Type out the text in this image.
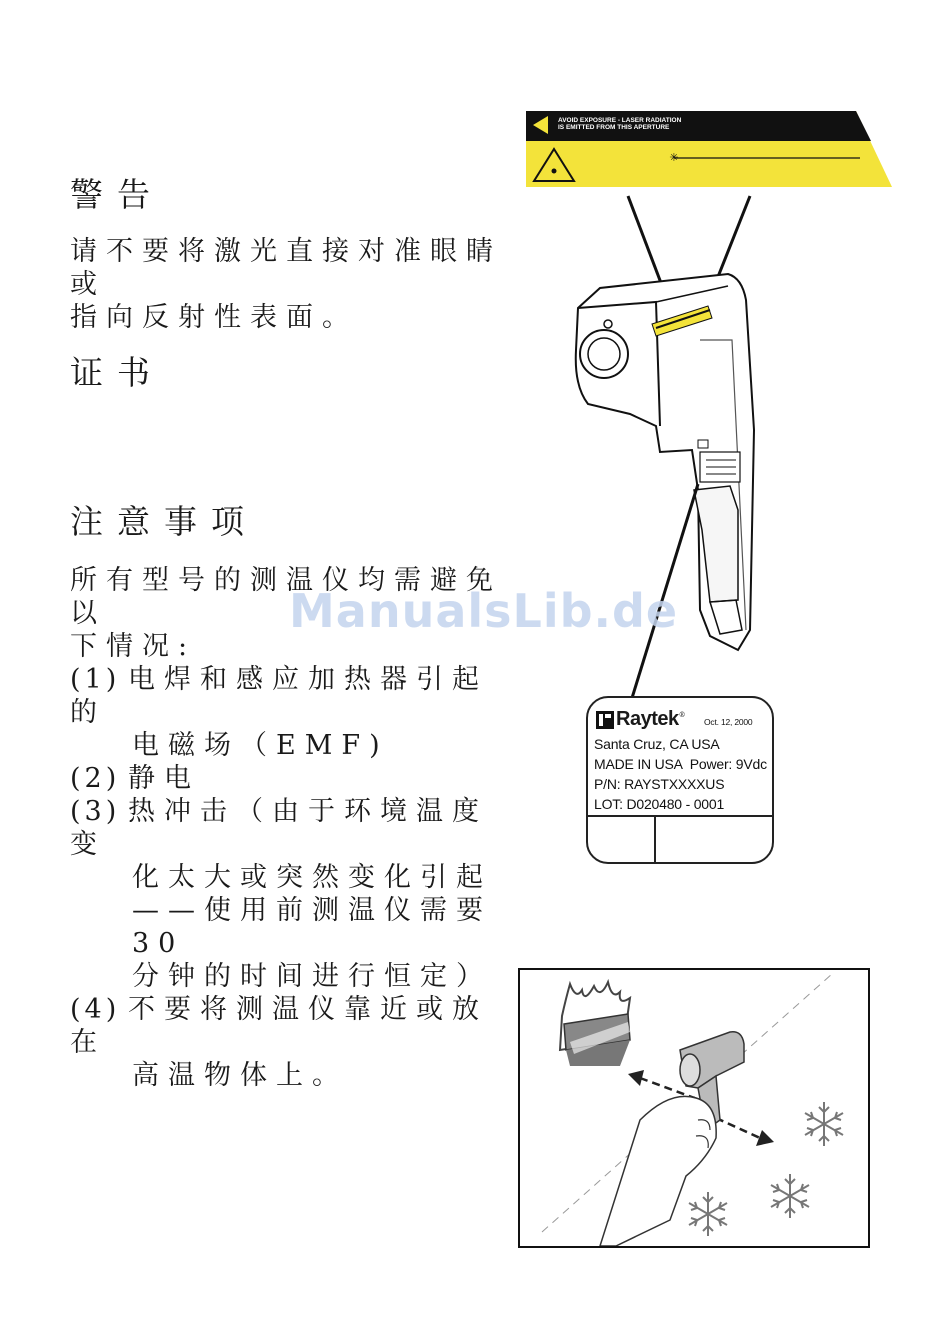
警告
请不要将激光直接对准眼睛或
指向反射性表面。
证书
注意事项
所有型号的测温仪均需避免以
下情况:
(1) 电焊和感应加热器引起的
电磁场（EMF)
(2) 静电
(3) 热冲击（由于环境温度变
化太大或突然变化引起
——使用前测温仪需要30
分钟的时间进行恒定）
(4) 不要将测温仪靠近或放在
高温物体上。
✳
AVOID EXPOSURE - LASER RADIATION
IS EMITTED FROM THIS APERTURE
ManualsLib.de
Raytek ®
Oct. 12, 2000
Santa Cruz, CA USA
MADE IN USA Power: 9Vdc
P/N: RAYSTXXXXUS
LOT: D020480 - 0001
